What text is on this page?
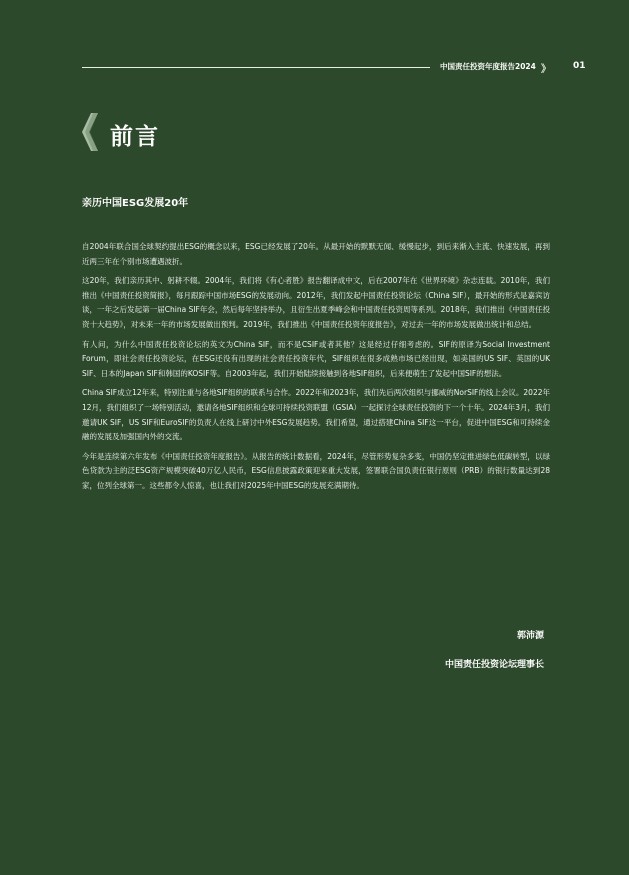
中国责任投资年度报告2024 》 01
前言
亲历中国ESG发展20年

自2004年联合国全球契约提出ESG的概念以来，ESG已经发展了20年。从最开始的默默无闻、缓慢起步，到后来渐入主流、快速发展，再到近两三年在个别市场遭遇波折。

这20年，我们亲历其中、躬耕不辍。2004年，我们将《有心者胜》报告翻译成中文，后在2007年在《世界环境》杂志连载。2010年，我们推出《中国责任投资简报》，每月跟踪中国市场ESG的发展动向。2012年，我们发起中国责任投资论坛（China SIF），最开始的形式是嘉宾访谈，一年之后发起第一届China SIF年会，然后每年坚持举办，且衍生出夏季峰会和中国责任投资周等系列。2018年，我们推出《中国责任投资十大趋势》，对未来一年的市场发展做出预判。2019年，我们推出《中国责任投资年度报告》，对过去一年的市场发展做出统计和总结。

有人问，为什么中国责任投资论坛的英文为China SIF，而不是CSIF或者其他？这是经过仔细考虑的。SIF的原译为Social Investment Forum，即社会责任投资论坛，在ESG还没有出现的社会责任投资年代，SIF组织在很多成熟市场已经出现，如美国的US SIF、英国的UK SIF、日本的Japan SIF和韩国的KOSIF等。自2003年起，我们开始陆续接触到各地SIF组织，后来便萌生了发起中国SIF的想法。

China SIF成立12年来，特别注重与各地SIF组织的联系与合作。2022年和2023年，我们先后两次组织与挪威的NorSIF的线上会议。2022年12月，我们组织了一场特别活动，邀请各地SIF组织和全球可持续投资联盟（GSIA）一起探讨全球责任投资的下一个十年。2024年3月，我们邀请UK SIF，US SIF和EuroSIF的负责人在线上研讨中外ESG发展趋势。我们希望，通过搭建China SIF这一平台，促进中国ESG和可持续金融的发展及加强国内外的交流。

今年是连续第六年发布《中国责任投资年度报告》。从报告的统计数据看，2024年，尽管形势复杂多变，中国仍坚定推进绿色低碳转型，以绿色贷款为主的泛ESG资产规模突破40万亿人民币，ESG信息披露政策迎来重大发展，签署联合国负责任银行原则（PRB）的银行数量达到28家，位列全球第一。这些都令人惊喜，也让我们对2025年中国ESG的发展充满期待。

郭沛源
中国责任投资论坛理事长
